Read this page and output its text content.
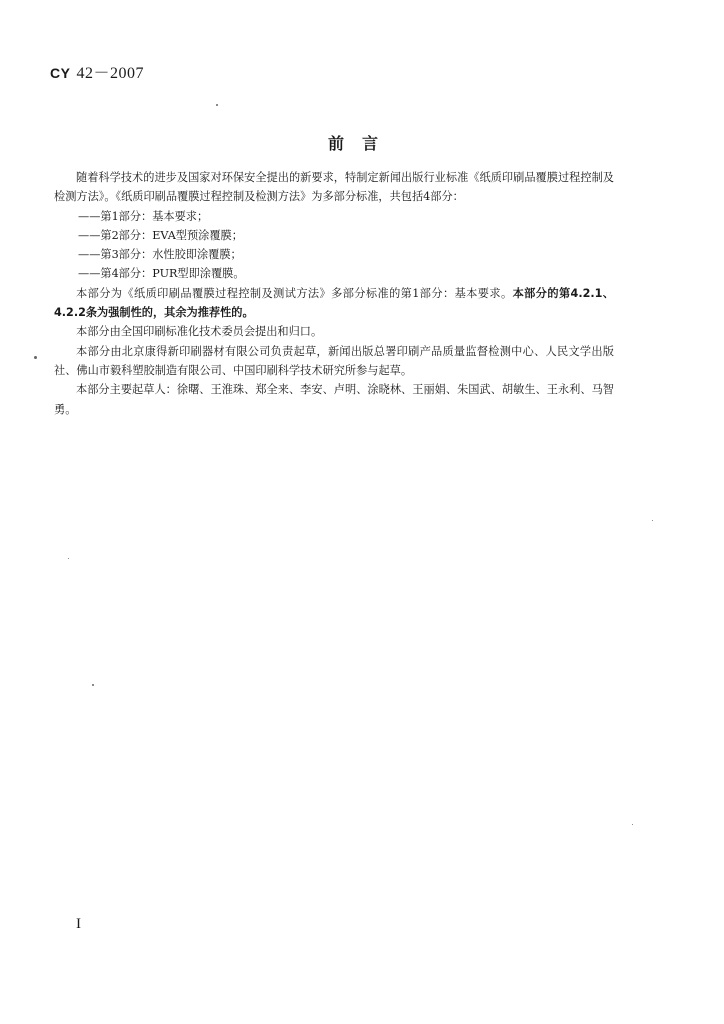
CY 42－2007
前言

随着科学技术的进步及国家对环保安全提出的新要求，特制定新闻出版行业标准《纸质印刷品覆膜过程控制及检测方法》。《纸质印刷品覆膜过程控制及检测方法》为多部分标准，共包括4部分：

——第1部分：基本要求；

——第2部分：EVA型预涂覆膜；

——第3部分：水性胶即涂覆膜；

——第4部分：PUR型即涂覆膜。

本部分为《纸质印刷品覆膜过程控制及测试方法》多部分标准的第1部分：基本要求。本部分的第4.2.1、4.2.2条为强制性的，其余为推荐性的。

本部分由全国印刷标准化技术委员会提出和归口。

本部分由北京康得新印刷器材有限公司负责起草，新闻出版总署印刷产品质量监督检测中心、人民文学出版社、佛山市毅科塑胶制造有限公司、中国印刷科学技术研究所参与起草。

本部分主要起草人：徐曙、王淮珠、郑全来、李安、卢明、涂晓林、王丽娟、朱国武、胡敏生、王永利、马智勇。

I
